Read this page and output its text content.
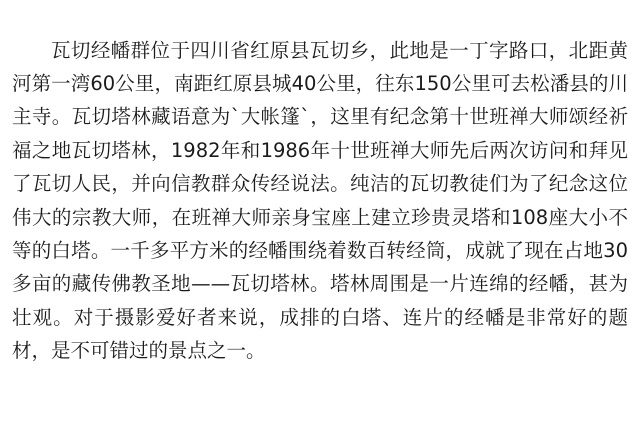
瓦切经幡群位于四川省红原县瓦切乡，此地是一丁字路口，北距黄河第一湾60公里，南距红原县城40公里，往东150公里可去松潘县的川主寺。瓦切塔林藏语意为`大帐篷`，这里有纪念第十世班禅大师颂经祈福之地瓦切塔林，1982年和1986年十世班禅大师先后两次访问和拜见了瓦切人民，并向信教群众传经说法。纯洁的瓦切教徒们为了纪念这位伟大的宗教大师，在班禅大师亲身宝座上建立珍贵灵塔和108座大小不等的白塔。一千多平方米的经幡围绕着数百转经筒，成就了现在占地30多亩的藏传佛教圣地——瓦切塔林。塔林周围是一片连绵的经幡，甚为壮观。对于摄影爱好者来说，成排的白塔、连片的经幡是非常好的题材，是不可错过的景点之一。
